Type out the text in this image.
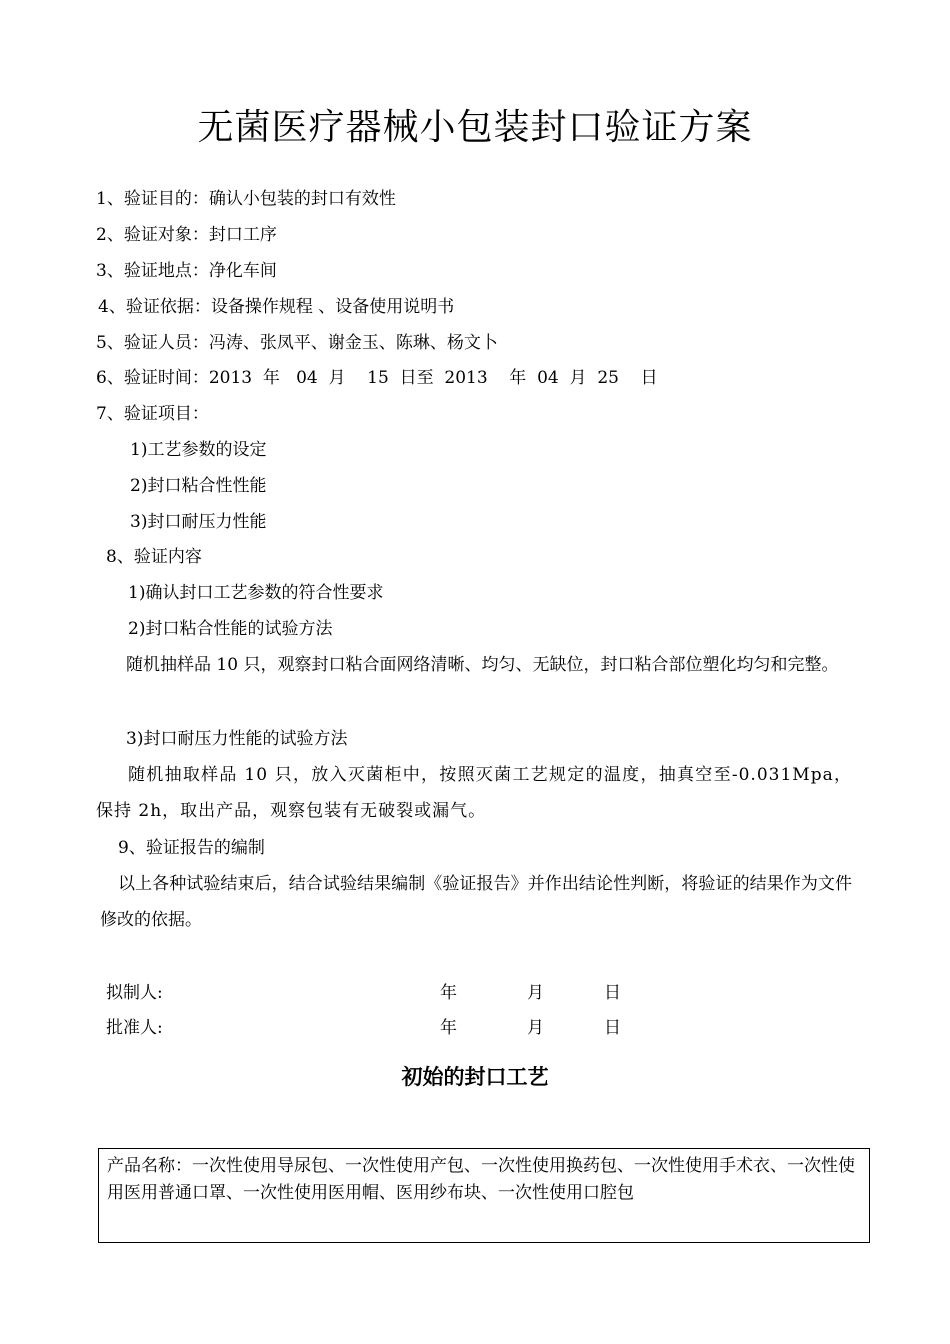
无菌医疗器械小包装封口验证方案
1、验证目的：确认小包装的封口有效性
2、验证对象：封口工序
3、验证地点：净化车间
4、验证依据：设备操作规程 、设备使用说明书
5、验证人员：冯涛、张凤平、谢金玉、陈琳、杨文卜
6、验证时间：2013  年   04  月    15  日至  2013    年  04  月  25    日
7、验证项目：
1)工艺参数的设定
2)封口粘合性性能
3)封口耐压力性能
8、验证内容
1)确认封口工艺参数的符合性要求
2)封口粘合性能的试验方法
随机抽样品 10 只，观察封口粘合面网络清晰、均匀、无缺位，封口粘合部位塑化均匀和完整。
3)封口耐压力性能的试验方法
随机抽取样品 10 只，放入灭菌柜中，按照灭菌工艺规定的温度，抽真空至-0.031Mpa，保持 2h，取出产品，观察包装有无破裂或漏气。
9、验证报告的编制
以上各种试验结束后，结合试验结果编制《验证报告》并作出结论性判断，将验证的结果作为文件修改的依据。
拟制人:	年	月	日
批准人:	年	月	日
初始的封口工艺
产品名称：一次性使用导尿包、一次性使用产包、一次性使用换药包、一次性使用手术衣、一次性使用医用普通口罩、一次性使用医用帽、医用纱布块、一次性使用口腔包
